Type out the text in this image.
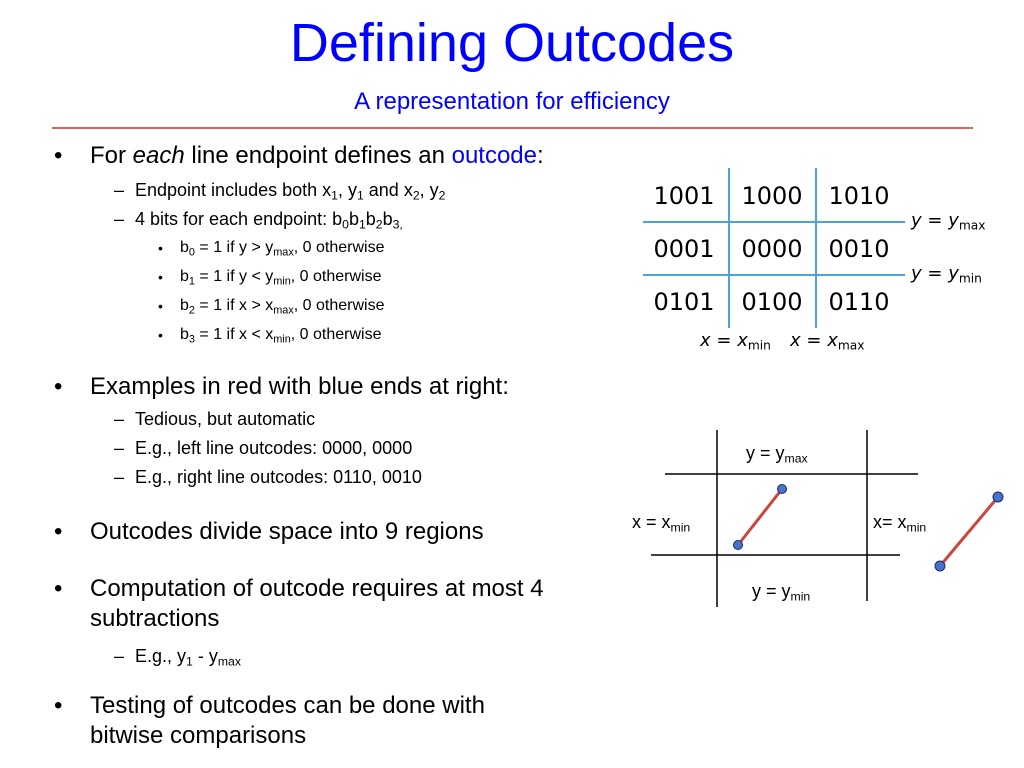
Defining Outcodes
A representation for efficiency
• For each line endpoint defines an outcode:
– Endpoint includes both $x_1$, $y_1$ and $x_2$, $y_2$
– 4 bits for each endpoint: $b_0b_1b_2b_{3,}$
• $b_0 = 1$ if $y > y_{max}$, 0 otherwise
• $b_1 = 1$ if $y < y_{min}$, 0 otherwise
• $b_2 = 1$ if $x > x_{max}$, 0 otherwise
• $b_3 = 1$ if $x < x_{min}$, 0 otherwise
• Examples in red with blue ends at right:
– Tedious, but automatic
– E.g., left line outcodes: 0000, 0000
– E.g., right line outcodes: 0110, 0010
• Outcodes divide space into 9 regions
• Computation of outcode requires at most 4
subtractions
– E.g., $y_1 - y_{max}$
• Testing of outcodes can be done with
bitwise comparisons
1001	1000	1010
0001	0000	0010
0101	0100	0110
$y = y_{max}$
$y = y_{min}$
$x = x_{min}$ $x = x_{max}$
$y = y_{max}$
$y = y_{min}$
$x = x_{min}$	$x= x_{min}$
